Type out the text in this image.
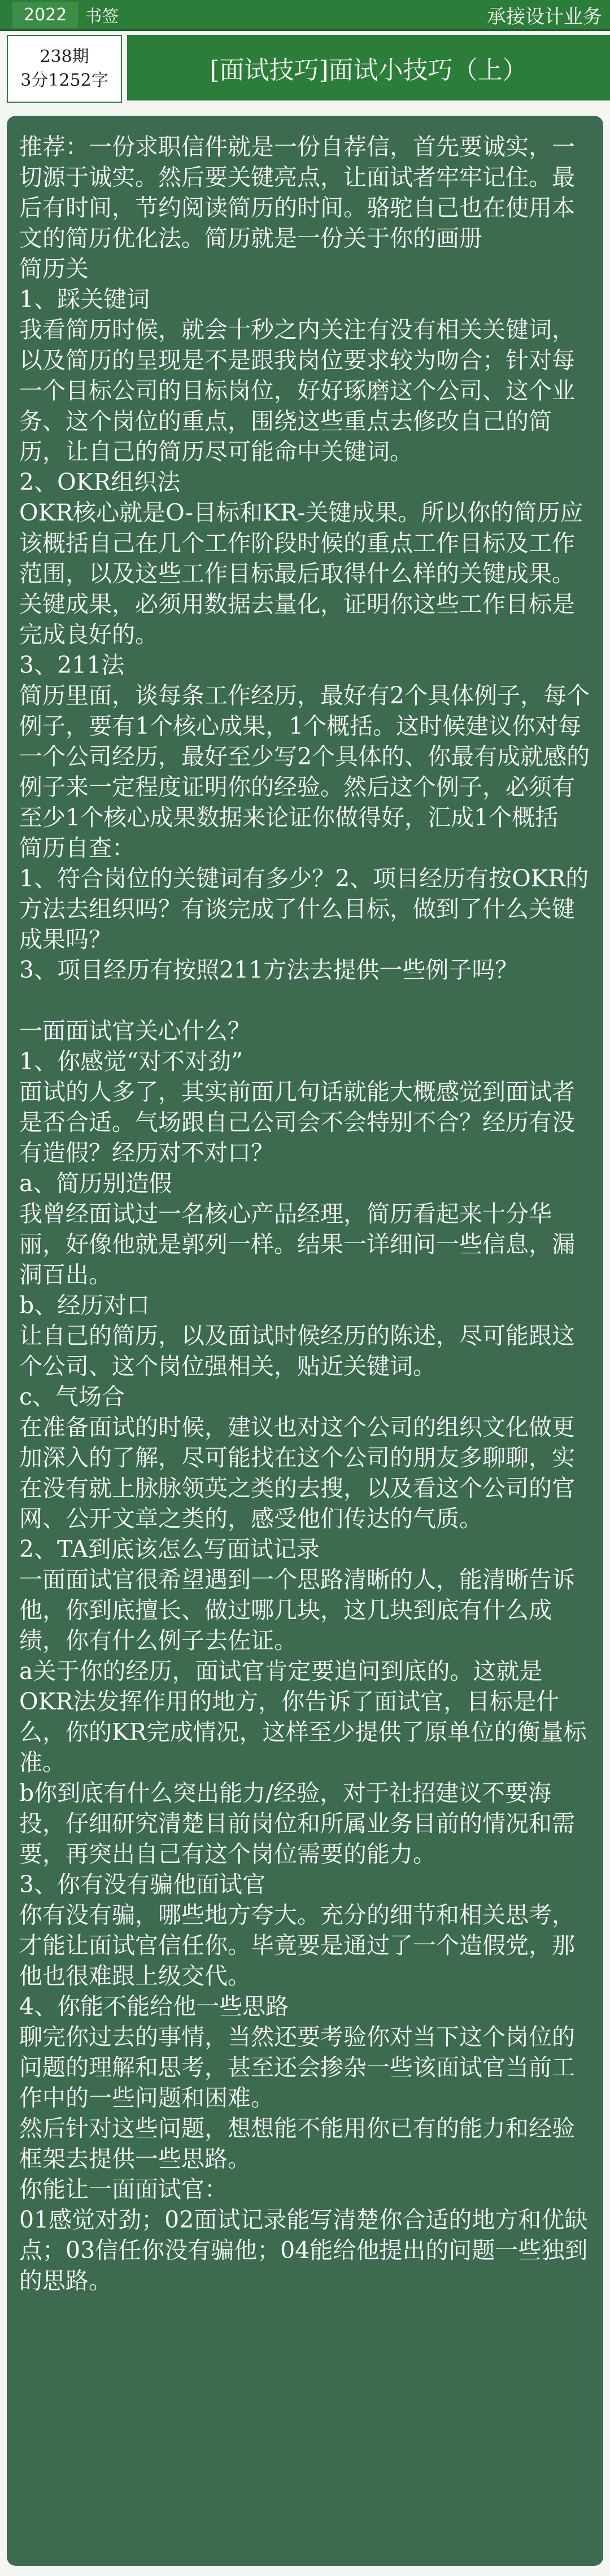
2022	书签	承接设计业务
238期
3分1252字	[面试技巧]面试小技巧（上）
推荐：一份求职信件就是一份自荐信，首先要诚实，一切源于诚实。然后要关键亮点，让面试者牢牢记住。最后有时间，节约阅读简历的时间。骆驼自己也在使用本文的简历优化法。简历就是一份关于你的画册
简历关
1、踩关键词
我看简历时候，就会十秒之内关注有没有相关关键词，以及简历的呈现是不是跟我岗位要求较为吻合；针对每一个目标公司的目标岗位，好好琢磨这个公司、这个业务、这个岗位的重点，围绕这些重点去修改自己的简历，让自己的简历尽可能命中关键词。
2、OKR组织法
OKR核心就是O-目标和KR-关键成果。所以你的简历应该概括自己在几个工作阶段时候的重点工作目标及工作范围，以及这些工作目标最后取得什么样的关键成果。关键成果，必须用数据去量化，证明你这些工作目标是完成良好的。
3、211法
简历里面，谈每条工作经历，最好有2个具体例子，每个例子，要有1个核心成果，1个概括。这时候建议你对每一个公司经历，最好至少写2个具体的、你最有成就感的例子来一定程度证明你的经验。然后这个例子，必须有至少1个核心成果数据来论证你做得好，汇成1个概括
简历自查：
1、符合岗位的关键词有多少？2、项目经历有按OKR的方法去组织吗？有谈完成了什么目标，做到了什么关键成果吗？
3、项目经历有按照211方法去提供一些例子吗？
一面面试官关心什么？
1、你感觉“对不对劲”
面试的人多了，其实前面几句话就能大概感觉到面试者是否合适。气场跟自己公司会不会特别不合？经历有没有造假？经历对不对口？
a、简历别造假
我曾经面试过一名核心产品经理，简历看起来十分华丽，好像他就是郭列一样。结果一详细问一些信息，漏洞百出。
b、经历对口
让自己的简历，以及面试时候经历的陈述，尽可能跟这个公司、这个岗位强相关，贴近关键词。
c、气场合
在准备面试的时候，建议也对这个公司的组织文化做更加深入的了解，尽可能找在这个公司的朋友多聊聊，实在没有就上脉脉领英之类的去搜，以及看这个公司的官网、公开文章之类的，感受他们传达的气质。
2、TA到底该怎么写面试记录
一面面试官很希望遇到一个思路清晰的人，能清晰告诉他，你到底擅长、做过哪几块，这几块到底有什么成绩，你有什么例子去佐证。
a关于你的经历，面试官肯定要追问到底的。这就是OKR法发挥作用的地方，你告诉了面试官，目标是什么，你的KR完成情况，这样至少提供了原单位的衡量标准。
b你到底有什么突出能力/经验，对于社招建议不要海投，仔细研究清楚目前岗位和所属业务目前的情况和需要，再突出自己有这个岗位需要的能力。
3、你有没有骗他面试官
你有没有骗，哪些地方夸大。充分的细节和相关思考，才能让面试官信任你。毕竟要是通过了一个造假党，那他也很难跟上级交代。
4、你能不能给他一些思路
聊完你过去的事情，当然还要考验你对当下这个岗位的问题的理解和思考，甚至还会掺杂一些该面试官当前工作中的一些问题和困难。
然后针对这些问题，想想能不能用你已有的能力和经验框架去提供一些思路。
你能让一面面试官：
01感觉对劲；02面试记录能写清楚你合适的地方和优缺点；03信任你没有骗他；04能给他提出的问题一些独到的思路。
